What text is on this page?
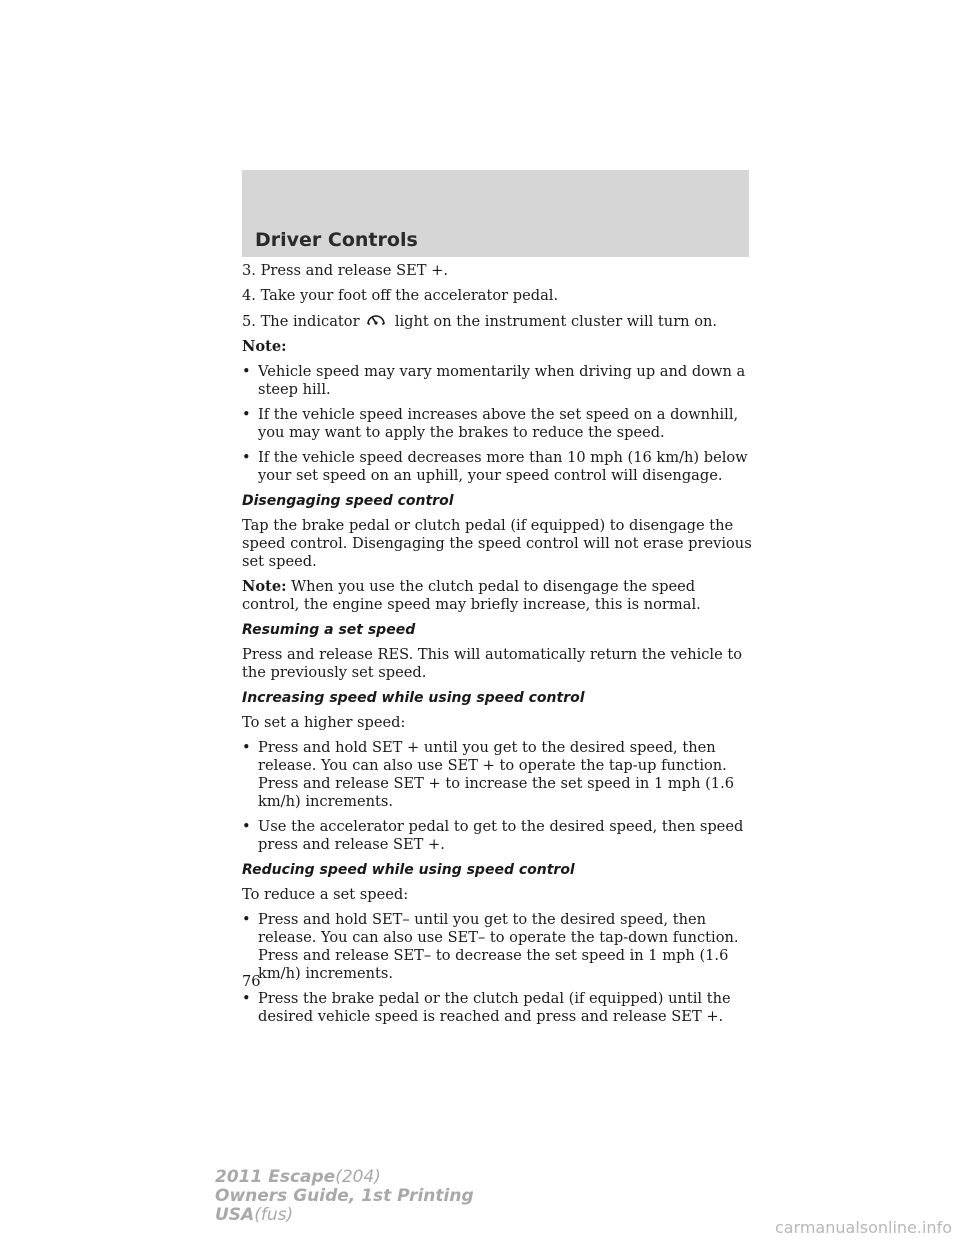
Driver Controls

3. Press and release SET +.

4. Take your foot off the accelerator pedal.

5. The indicator light on the instrument cluster will turn on.

Note:

• Vehicle speed may vary momentarily when driving up and down a steep hill.
• If the vehicle speed increases above the set speed on a downhill, you may want to apply the brakes to reduce the speed.
• If the vehicle speed decreases more than 10 mph (16 km/h) below your set speed on an uphill, your speed control will disengage.

Disengaging speed control

Tap the brake pedal or clutch pedal (if equipped) to disengage the speed control. Disengaging the speed control will not erase previous set speed.

Note: When you use the clutch pedal to disengage the speed control, the engine speed may briefly increase, this is normal.

Resuming a set speed

Press and release RES. This will automatically return the vehicle to the previously set speed.

Increasing speed while using speed control

To set a higher speed:

• Press and hold SET + until you get to the desired speed, then release. You can also use SET + to operate the tap-up function. Press and release SET + to increase the set speed in 1 mph (1.6 km/h) increments.
• Use the accelerator pedal to get to the desired speed, then speed press and release SET +.

Reducing speed while using speed control

To reduce a set speed:

• Press and hold SET– until you get to the desired speed, then release. You can also use SET– to operate the tap-down function. Press and release SET– to decrease the set speed in 1 mph (1.6 km/h) increments.
• Press the brake pedal or the clutch pedal (if equipped) until the desired vehicle speed is reached and press and release SET +.
76
2011 Escape(204)
Owners Guide, 1st Printing
USA(fus)
carmanualsonline.info
